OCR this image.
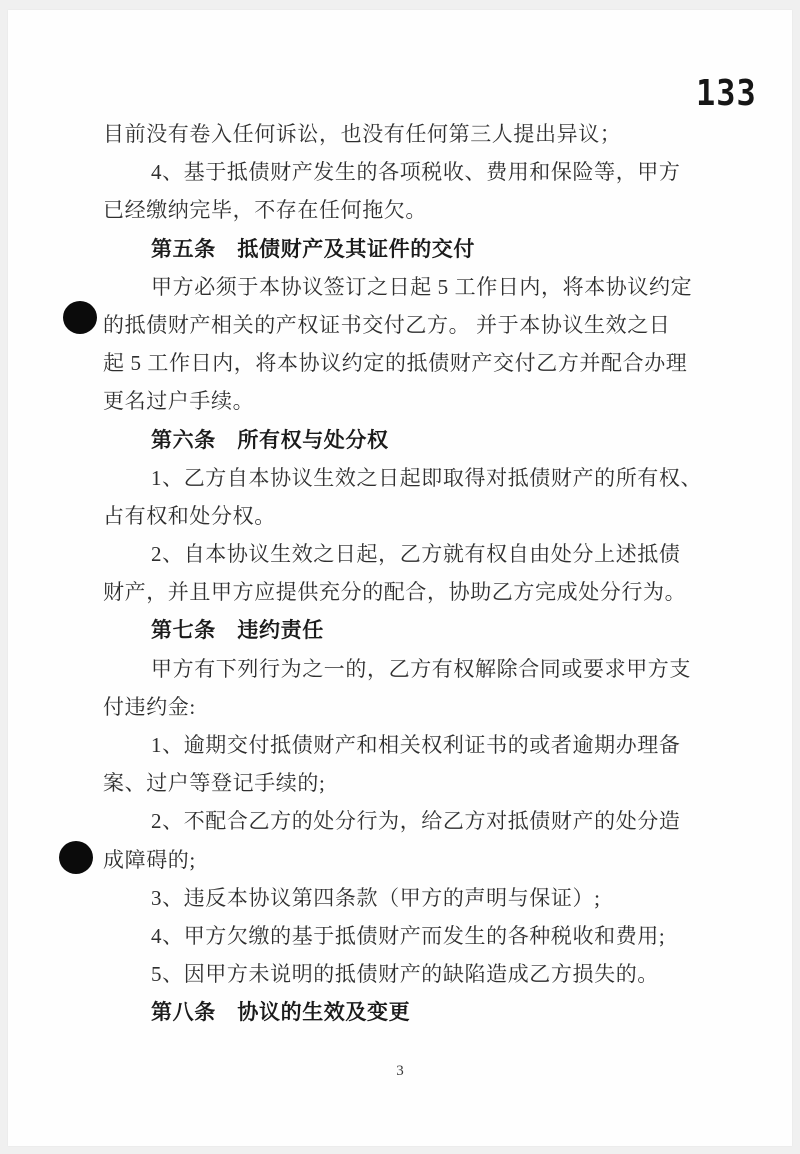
133
目前没有卷入任何诉讼，也没有任何第三人提出异议；
4、基于抵债财产发生的各项税收、费用和保险等，甲方
已经缴纳完毕，不存在任何拖欠。
第五条　抵债财产及其证件的交付
甲方必须于本协议签订之日起 5 工作日内，将本协议约定
的抵债财产相关的产权证书交付乙方。 并于本协议生效之日
起 5 工作日内，将本协议约定的抵债财产交付乙方并配合办理
更名过户手续。
第六条　所有权与处分权
1、乙方自本协议生效之日起即取得对抵债财产的所有权、
占有权和处分权。
2、自本协议生效之日起，乙方就有权自由处分上述抵债
财产，并且甲方应提供充分的配合，协助乙方完成处分行为。
第七条　违约责任
甲方有下列行为之一的，乙方有权解除合同或要求甲方支
付违约金:
1、逾期交付抵债财产和相关权利证书的或者逾期办理备
案、过户等登记手续的;
2、不配合乙方的处分行为，给乙方对抵债财产的处分造
成障碍的;
3、违反本协议第四条款（甲方的声明与保证）;
4、甲方欠缴的基于抵债财产而发生的各种税收和费用;
5、因甲方未说明的抵债财产的缺陷造成乙方损失的。
第八条　协议的生效及变更
3
